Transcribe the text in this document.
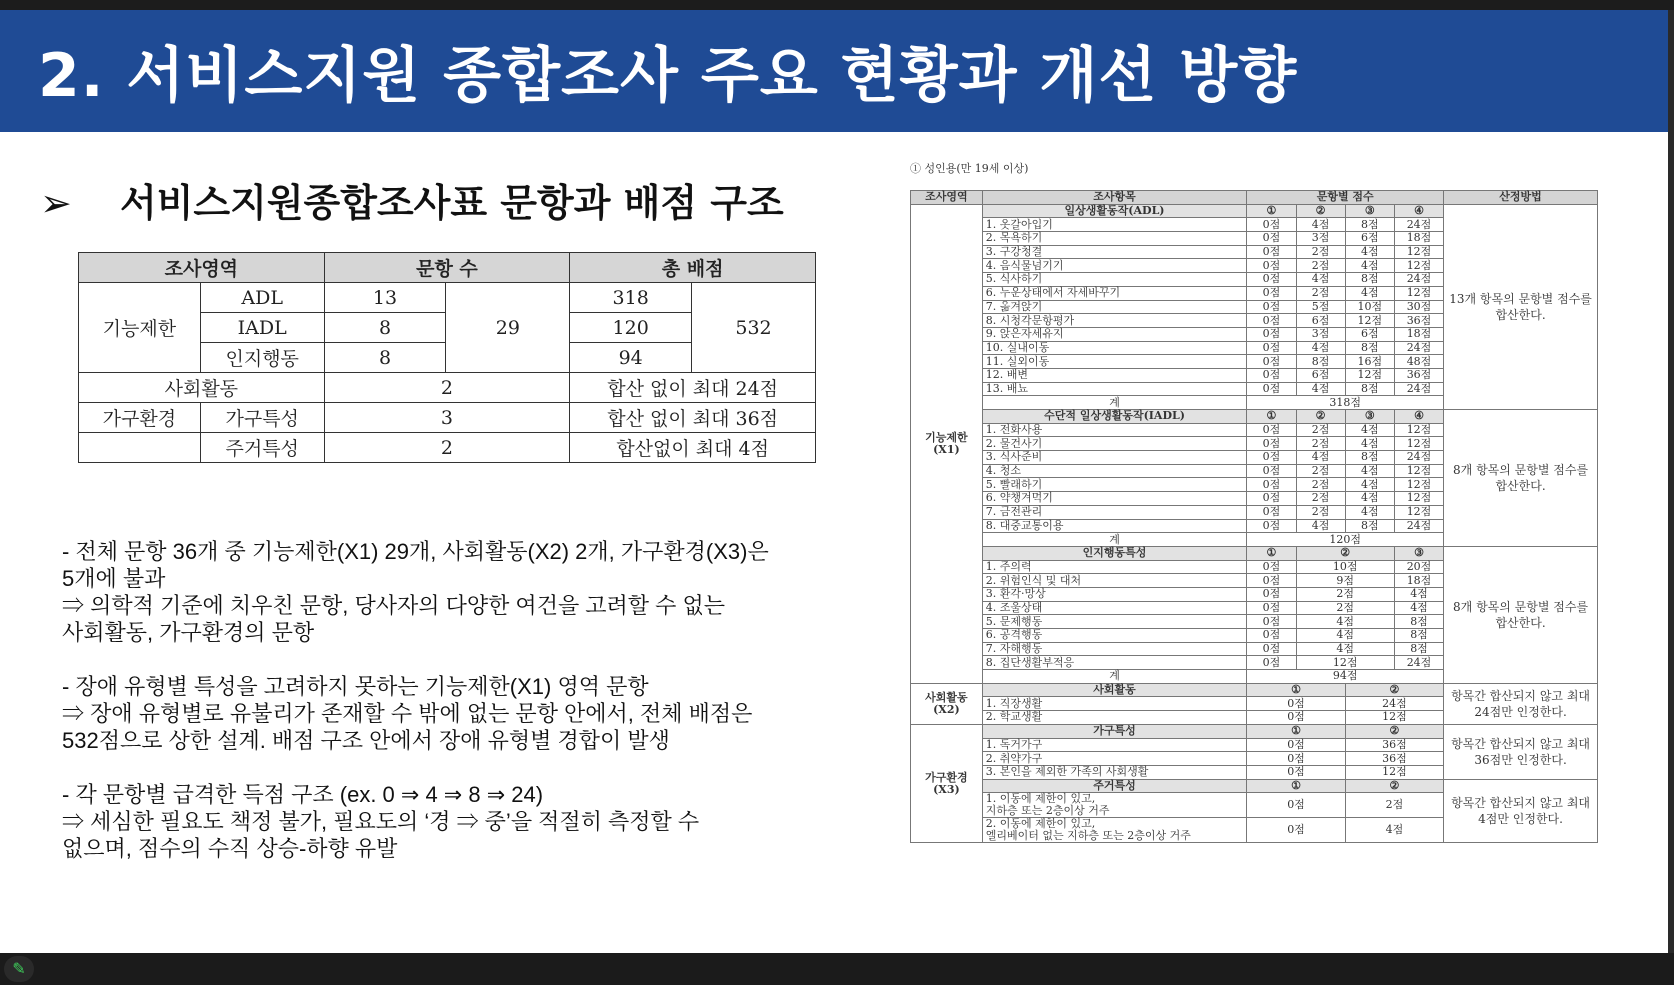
2. 서비스지원 종합조사 주요 현황과 개선 방향
➢ 서비스지원종합조사표 문항과 배점 구조
조사영역		문항 수		총 배점	
기능제한	ADL	13	29	318	532
	IADL	8		120	
	인지행동	8		94	
사회활동		2		합산 없이 최대 24점	
가구환경	가구특성	3		합산 없이 최대 36점	
	주거특성	2		합산없이 최대 4점	

- 전체 문항 36개 중 기능제한(X1) 29개, 사회활동(X2) 2개, 가구환경(X3)은
5개에 불과
⇒ 의학적 기준에 치우친 문항, 당사자의 다양한 여건을 고려할 수 없는
사회활동, 가구환경의 문항

- 장애 유형별 특성을 고려하지 못하는 기능제한(X1) 영역 문항
⇒ 장애 유형별로 유불리가 존재할 수 밖에 없는 문항 안에서, 전체 배점은
532점으로 상한 설계. 배점 구조 안에서 장애 유형별 경합이 발생

- 각 문항별 급격한 득점 구조 (ex. 0 ⇒ 4 ⇒ 8 ⇒ 24)
⇒ 세심한 필요도 책정 불가, 필요도의 ‘경 ⇒ 중’을 적절히 측정할 수
없으며, 점수의 수직 상승-하향 유발

① 성인용(만 19세 이상)
조사영역	조사항목	문항별 점수				산정방법
기능제한
(X1)	일상생활동작(ADL)	①	②	③	④	13개 항목의 문항별 점수를 합산한다.
	1. 옷갈아입기	0점	4점	8점	24점	
	2. 목욕하기	0점	3점	6점	18점	
	3. 구강청결	0점	2점	4점	12점	
	4. 음식물넘기기	0점	2점	4점	12점	
	5. 식사하기	0점	4점	8점	24점	
	6. 누운상태에서 자세바꾸기	0점	2점	4점	12점	
	7. 옮겨앉기	0점	5점	10점	30점	
	8. 시청각문항평가	0점	6점	12점	36점	
	9. 앉은자세유지	0점	3점	6점	18점	
	10. 실내이동	0점	4점	8점	24점	
	11. 실외이동	0점	8점	16점	48점	
	12. 배변	0점	6점	12점	36점	
	13. 배뇨	0점	4점	8점	24점	
	계	318점				
	수단적 일상생활동작(IADL)	①	②	③	④	8개 항목의 문항별 점수를 합산한다.
	1. 전화사용	0점	2점	4점	12점	
	2. 물건사기	0점	2점	4점	12점	
	3. 식사준비	0점	4점	8점	24점	
	4. 청소	0점	2점	4점	12점	
	5. 빨래하기	0점	2점	4점	12점	
	6. 약챙겨먹기	0점	2점	4점	12점	
	7. 금전관리	0점	2점	4점	12점	
	8. 대중교통이용	0점	4점	8점	24점	
	계	120점				
	인지행동특성	①	②		③	8개 항목의 문항별 점수를 합산한다.
	1. 주의력	0점	10점		20점	
	2. 위험인식 및 대처	0점	9점		18점	
	3. 환각·망상	0점	2점		4점	
	4. 조울상태	0점	2점		4점	
	5. 문제행동	0점	4점		8점	
	6. 공격행동	0점	4점		8점	
	7. 자해행동	0점	4점		8점	
	8. 집단생활부적응	0점	12점		24점	
	계	94점				
사회활동
(X2)	사회활동	①		②		항목간 합산되지 않고 최대 24점만 인정한다.
	1. 직장생활	0점		24점		
	2. 학교생활	0점		12점		
가구환경
(X3)	가구특성	①		②		항목간 합산되지 않고 최대 36점만 인정한다.
	1. 독거가구	0점		36점		
	2. 취약가구	0점		36점		
	3. 본인을 제외한 가족의 사회생활	0점		12점		
	주거특성	①		②		항목간 합산되지 않고 최대 4점만 인정한다.
	1. 이동에 제한이 있고,
지하층 또는 2층이상 거주	0점		2점		
	2. 이동에 제한이 있고,
엘리베이터 없는 지하층 또는 2층이상 거주	0점		4점		
✎
